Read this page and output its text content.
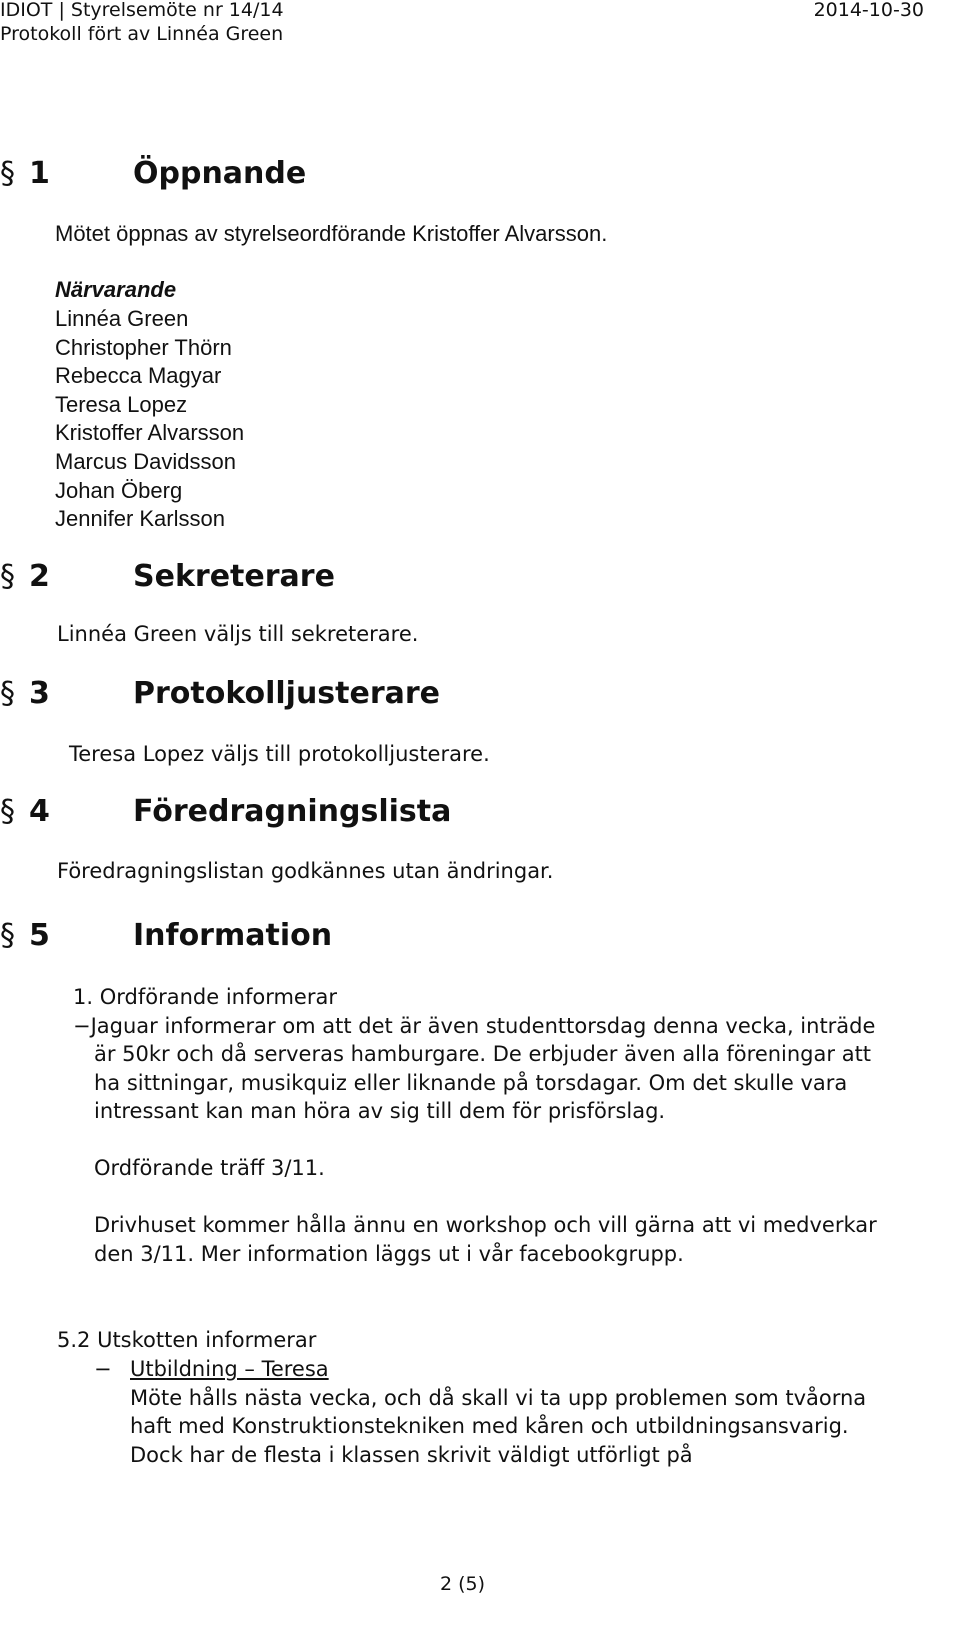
IDIOT | Styrelsemöte nr 14/14
Protokoll fört av Linnéa Green
2014-10-30
§ 1	Öppnande
Mötet öppnas av styrelseordförande Kristoffer Alvarsson.
Närvarande
Linnéa Green
Christopher Thörn
Rebecca Magyar
Teresa Lopez
Kristoffer Alvarsson
Marcus Davidsson
Johan Öberg
Jennifer Karlsson
§ 2	Sekreterare
Linnéa Green väljs till sekreterare.
§ 3	Protokolljusterare
Teresa Lopez väljs till protokolljusterare.
§ 4	Föredragningslista
Föredragningslistan godkännes utan ändringar.
§ 5	Information
1. Ordförande informerar
−Jaguar informerar om att det är även studenttorsdag denna vecka, inträde
är 50kr och då serveras hamburgare. De erbjuder även alla föreningar att
ha sittningar, musikquiz eller liknande på torsdagar. Om det skulle vara
intressant kan man höra av sig till dem för prisförslag.
Ordförande träff 3/11.
Drivhuset kommer hålla ännu en workshop och vill gärna att vi medverkar
den 3/11. Mer information läggs ut i vår facebookgrupp.
5.2 Utskotten informerar
− Utbildning – Teresa
Möte hålls nästa vecka, och då skall vi ta upp problemen som tvåorna
haft med Konstruktionstekniken med kåren och utbildningsansvarig.
Dock har de flesta i klassen skrivit väldigt utförligt på
2 (5)
